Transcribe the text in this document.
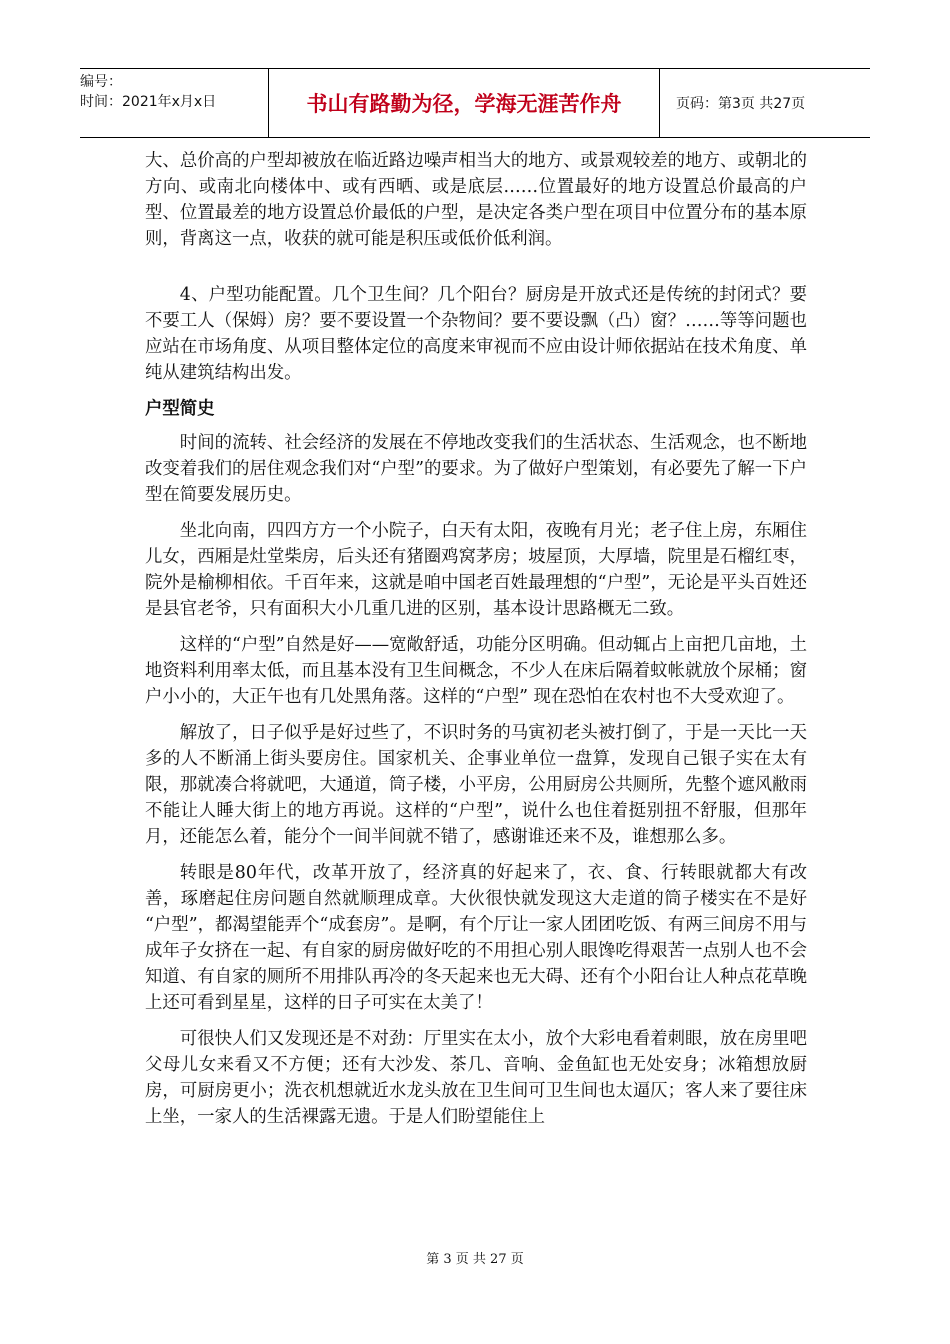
编号：
时间：2021年x月x日	书山有路勤为径，学海无涯苦作舟	页码：第3页 共27页

大、总价高的户型却被放在临近路边噪声相当大的地方、或景观较差的地方、或朝北的方向、或南北向楼体中、或有西晒、或是底层……位置最好的地方设置总价最高的户型、位置最差的地方设置总价最低的户型，是决定各类户型在项目中位置分布的基本原则，背离这一点，收获的就可能是积压或低价低利润。

4、户型功能配置。几个卫生间？几个阳台？厨房是开放式还是传统的封闭式？要不要工人（保姆）房？要不要设置一个杂物间？要不要设飘（凸）窗？……等等问题也应站在市场角度、从项目整体定位的高度来审视而不应由设计师依据站在技术角度、单纯从建筑结构出发。

户型简史

时间的流转、社会经济的发展在不停地改变我们的生活状态、生活观念，也不断地改变着我们的居住观念我们对“户型”的要求。为了做好户型策划，有必要先了解一下户型在简要发展历史。

坐北向南，四四方方一个小院子，白天有太阳，夜晚有月光；老子住上房，东厢住儿女，西厢是灶堂柴房，后头还有猪圈鸡窝茅房；坡屋顶，大厚墙，院里是石榴红枣，院外是榆柳相依。千百年来，这就是咱中国老百姓最理想的“户型”，无论是平头百姓还是县官老爷，只有面积大小几重几进的区别，基本设计思路概无二致。

这样的“户型”自然是好——宽敞舒适，功能分区明确。但动辄占上亩把几亩地，土地资料利用率太低，而且基本没有卫生间概念，不少人在床后隔着蚊帐就放个尿桶；窗户小小的，大正午也有几处黑角落。这样的“户型” 现在恐怕在农村也不大受欢迎了。

解放了，日子似乎是好过些了，不识时务的马寅初老头被打倒了，于是一天比一天多的人不断涌上街头要房住。国家机关、企事业单位一盘算，发现自己银子实在太有限，那就凑合将就吧，大通道，筒子楼，小平房，公用厨房公共厕所，先整个遮风敝雨不能让人睡大街上的地方再说。这样的“户型”，说什么也住着挺别扭不舒服，但那年月，还能怎么着，能分个一间半间就不错了，感谢谁还来不及，谁想那么多。

转眼是80年代，改革开放了，经济真的好起来了，衣、食、行转眼就都大有改善，琢磨起住房问题自然就顺理成章。大伙很快就发现这大走道的筒子楼实在不是好 “户型”，都渴望能弄个“成套房”。是啊，有个厅让一家人团团吃饭、有两三间房不用与成年子女挤在一起、有自家的厨房做好吃的不用担心别人眼馋吃得艰苦一点别人也不会知道、有自家的厕所不用排队再冷的冬天起来也无大碍、还有个小阳台让人种点花草晚上还可看到星星，这样的日子可实在太美了！

可很快人们又发现还是不对劲：厅里实在太小，放个大彩电看着刺眼，放在房里吧父母儿女来看又不方便；还有大沙发、茶几、音响、金鱼缸也无处安身；冰箱想放厨房，可厨房更小；洗衣机想就近水龙头放在卫生间可卫生间也太逼仄；客人来了要往床上坐，一家人的生活裸露无遗。于是人们盼望能住上

第 3 页 共 27 页
